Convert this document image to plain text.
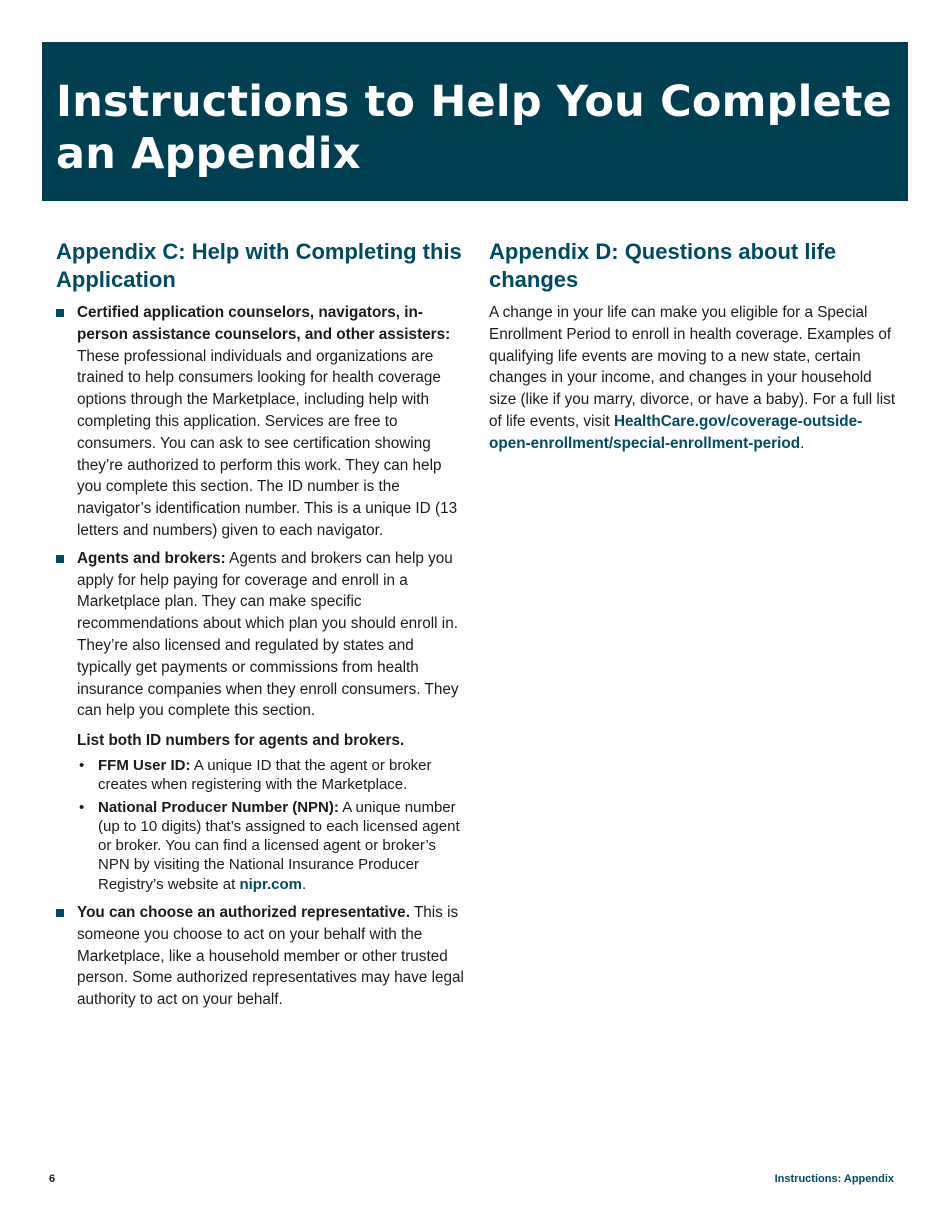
Instructions to Help You Complete
an Appendix
Appendix C: Help with Completing this Application
Certified application counselors, navigators, in-person assistance counselors, and other assisters: These professional individuals and organizations are trained to help consumers looking for health coverage options through the Marketplace, including help with completing this application. Services are free to consumers. You can ask to see certification showing they’re authorized to perform this work. They can help you complete this section. The ID number is the navigator’s identification number. This is a unique ID (13 letters and numbers) given to each navigator.
Agents and brokers: Agents and brokers can help you apply for help paying for coverage and enroll in a Marketplace plan. They can make specific recommendations about which plan you should enroll in. They’re also licensed and regulated by states and typically get payments or commissions from health insurance companies when they enroll consumers. They can help you complete this section.
List both ID numbers for agents and brokers.
• FFM User ID: A unique ID that the agent or broker creates when registering with the Marketplace.
• National Producer Number (NPN): A unique number (up to 10 digits) that’s assigned to each licensed agent or broker. You can find a licensed agent or broker’s NPN by visiting the National Insurance Producer Registry’s website at nipr.com.
You can choose an authorized representative. This is someone you choose to act on your behalf with the Marketplace, like a household member or other trusted person. Some authorized representatives may have legal authority to act on your behalf.
Appendix D: Questions about life changes

A change in your life can make you eligible for a Special Enrollment Period to enroll in health coverage. Examples of qualifying life events are moving to a new state, certain changes in your income, and changes in your household size (like if you marry, divorce, or have a baby). For a full list of life events, visit HealthCare.gov/coverage-outside-open-enrollment/special-enrollment-period.

6	Instructions: Appendix
